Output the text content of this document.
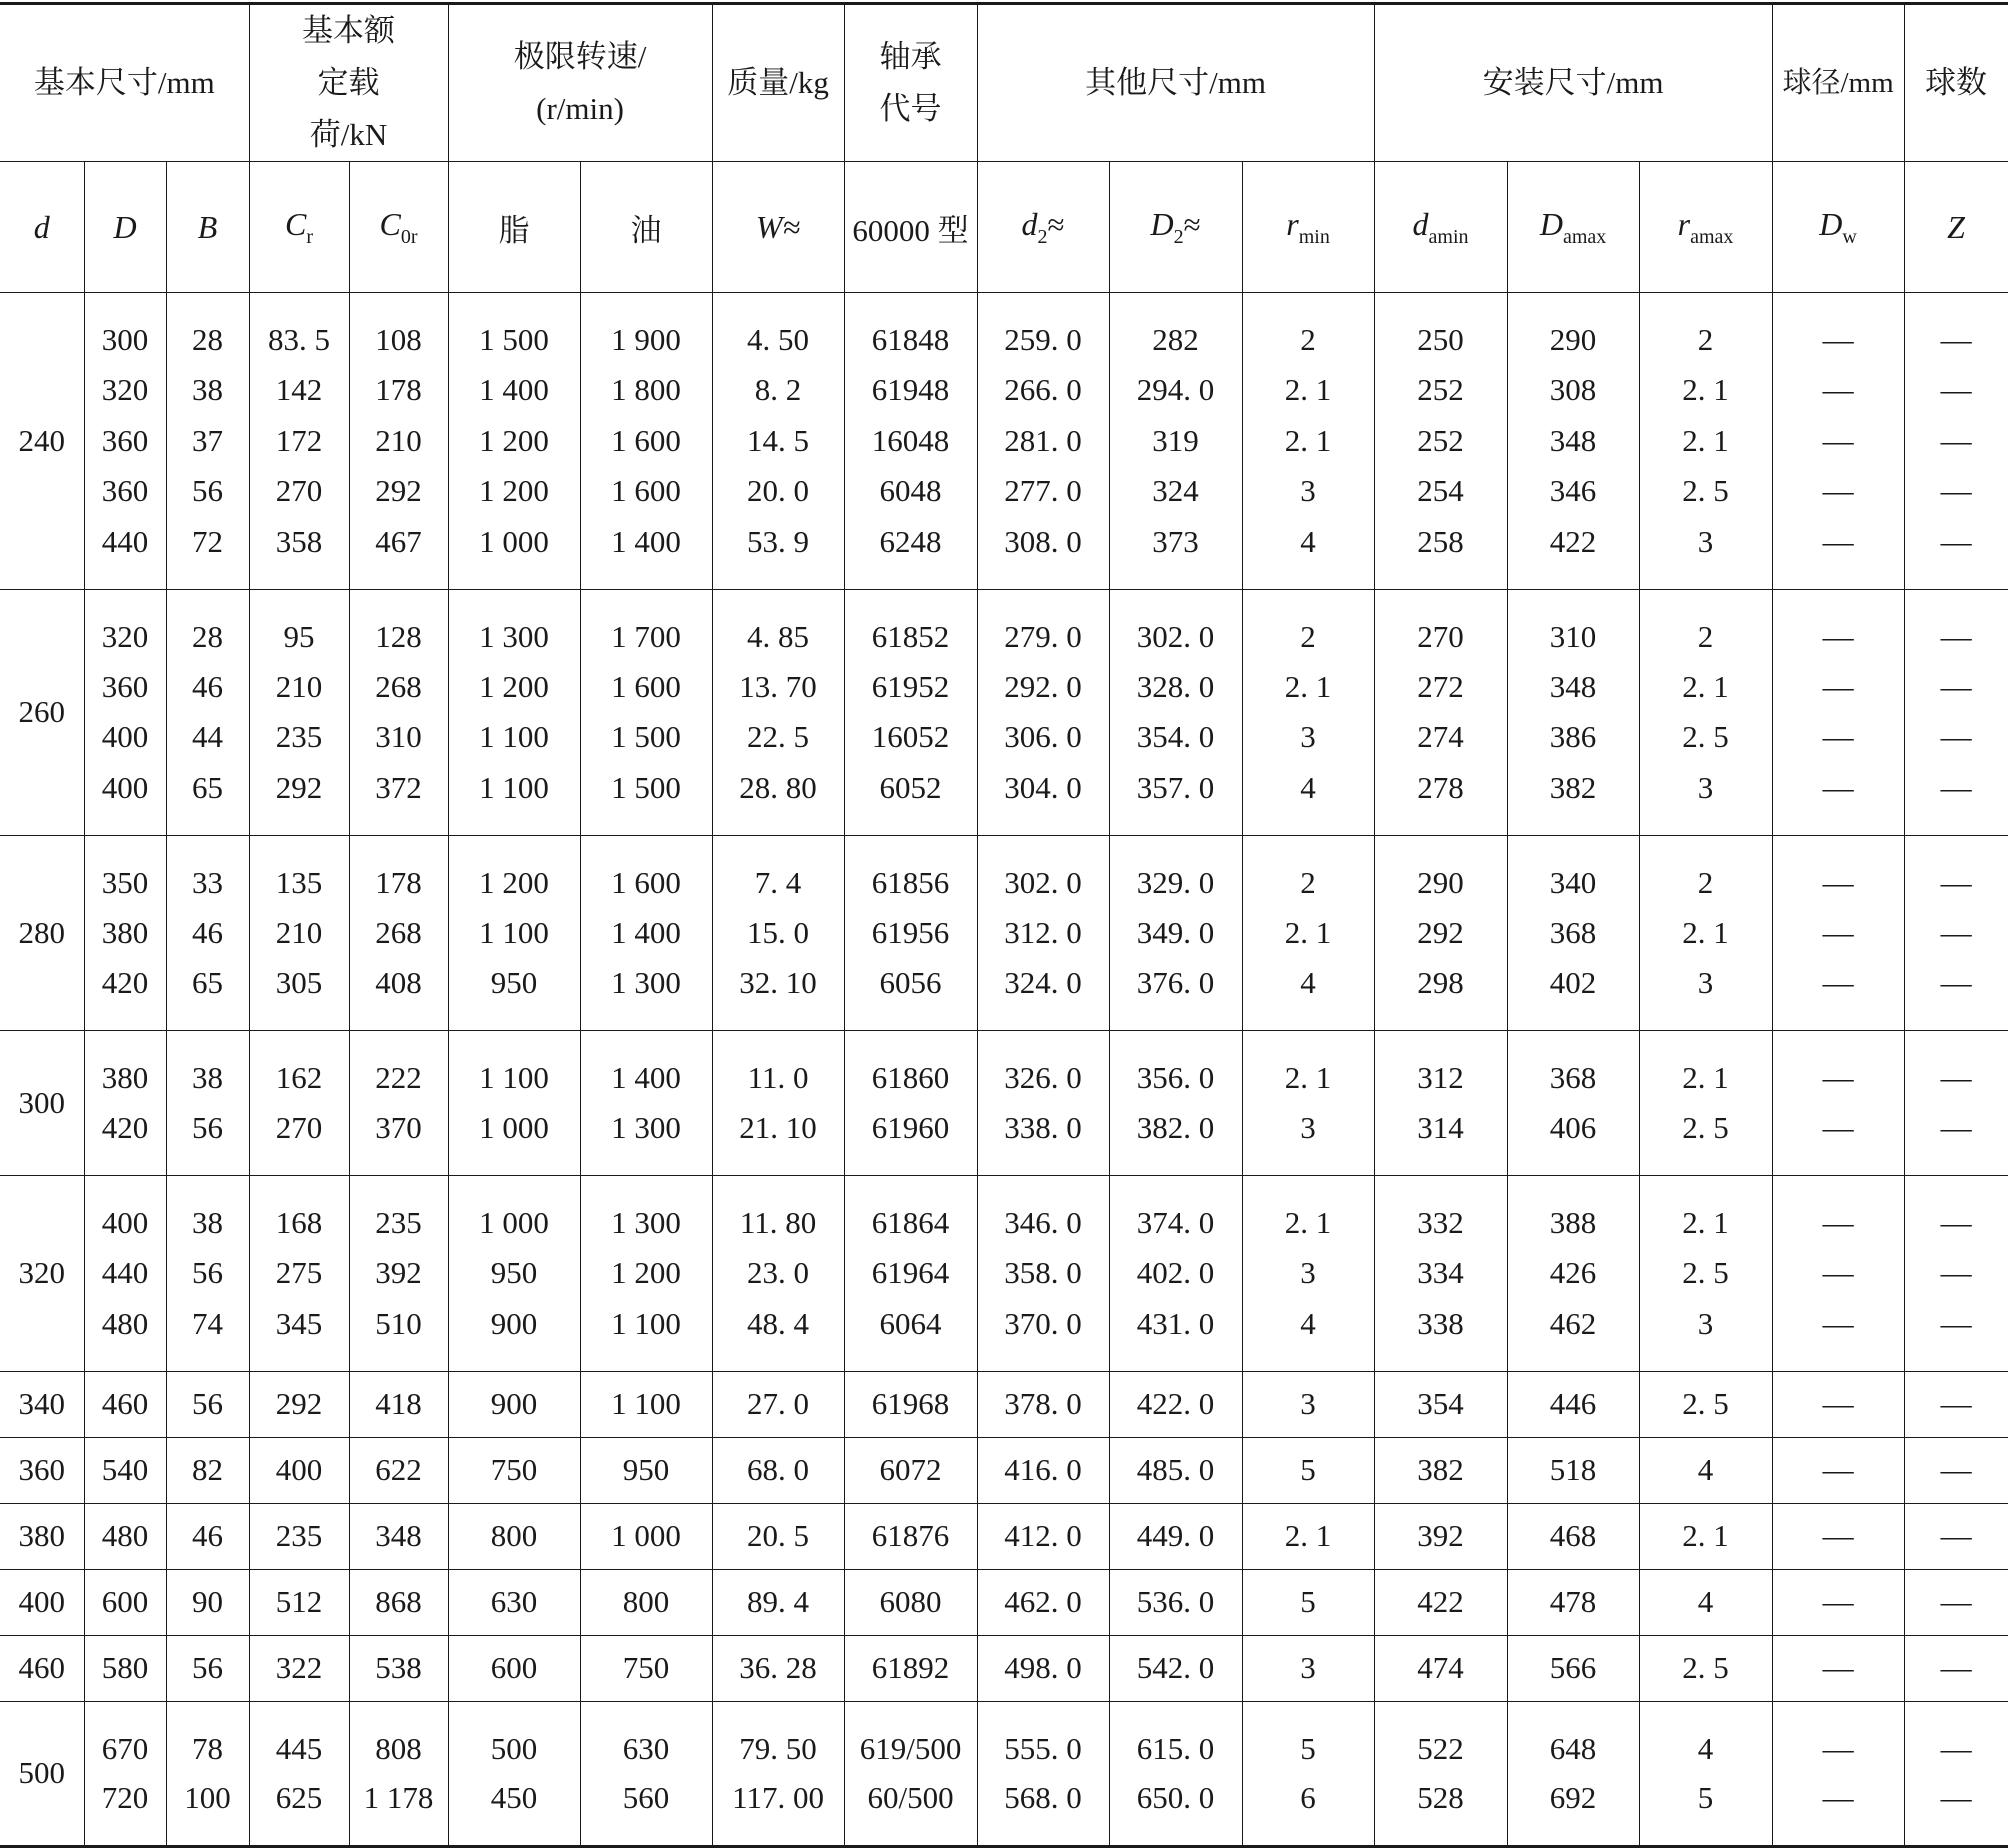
基本尺寸/mm			基本额定载荷/kN		极限转速/(r/min)		质量/kg	轴承代号	其他尺寸/mm			安装尺寸/mm			球径/mm	球数
d	D	B	$C_r$	$C_{0r}$	脂	油	W≈	60000 型	$d_2\approx$	$D_2\approx$	$r_{min}$	$d_{amin}$	$D_{amax}$	$r_{amax}$	$D_w$	Z
240	300	28	83. 5	108	1 500	1 900	4. 50	61848	259. 0	282	2	250	290	2	—	—
	320	38	142	178	1 400	1 800	8. 2	61948	266. 0	294. 0	2. 1	252	308	2. 1	—	—
	360	37	172	210	1 200	1 600	14. 5	16048	281. 0	319	2. 1	252	348	2. 1	—	—
	360	56	270	292	1 200	1 600	20. 0	6048	277. 0	324	3	254	346	2. 5	—	—
	440	72	358	467	1 000	1 400	53. 9	6248	308. 0	373	4	258	422	3	—	—
260	320	28	95	128	1 300	1 700	4. 85	61852	279. 0	302. 0	2	270	310	2	—	—
	360	46	210	268	1 200	1 600	13. 70	61952	292. 0	328. 0	2. 1	272	348	2. 1	—	—
	400	44	235	310	1 100	1 500	22. 5	16052	306. 0	354. 0	3	274	386	2. 5	—	—
	400	65	292	372	1 100	1 500	28. 80	6052	304. 0	357. 0	4	278	382	3	—	—
280	350	33	135	178	1 200	1 600	7. 4	61856	302. 0	329. 0	2	290	340	2	—	—
	380	46	210	268	1 100	1 400	15. 0	61956	312. 0	349. 0	2. 1	292	368	2. 1	—	—
	420	65	305	408	950	1 300	32. 10	6056	324. 0	376. 0	4	298	402	3	—	—
300	380	38	162	222	1 100	1 400	11. 0	61860	326. 0	356. 0	2. 1	312	368	2. 1	—	—
	420	56	270	370	1 000	1 300	21. 10	61960	338. 0	382. 0	3	314	406	2. 5	—	—
320	400	38	168	235	1 000	1 300	11. 80	61864	346. 0	374. 0	2. 1	332	388	2. 1	—	—
	440	56	275	392	950	1 200	23. 0	61964	358. 0	402. 0	3	334	426	2. 5	—	—
	480	74	345	510	900	1 100	48. 4	6064	370. 0	431. 0	4	338	462	3	—	—
340	460	56	292	418	900	1 100	27. 0	61968	378. 0	422. 0	3	354	446	2. 5	—	—
360	540	82	400	622	750	950	68. 0	6072	416. 0	485. 0	5	382	518	4	—	—
380	480	46	235	348	800	1 000	20. 5	61876	412. 0	449. 0	2. 1	392	468	2. 1	—	—
400	600	90	512	868	630	800	89. 4	6080	462. 0	536. 0	5	422	478	4	—	—
460	580	56	322	538	600	750	36. 28	61892	498. 0	542. 0	3	474	566	2. 5	—	—
500	670	78	445	808	500	630	79. 50	619/500	555. 0	615. 0	5	522	648	4	—	—
	720	100	625	1 178	450	560	117. 00	60/500	568. 0	650. 0	6	528	692	5	—	—
